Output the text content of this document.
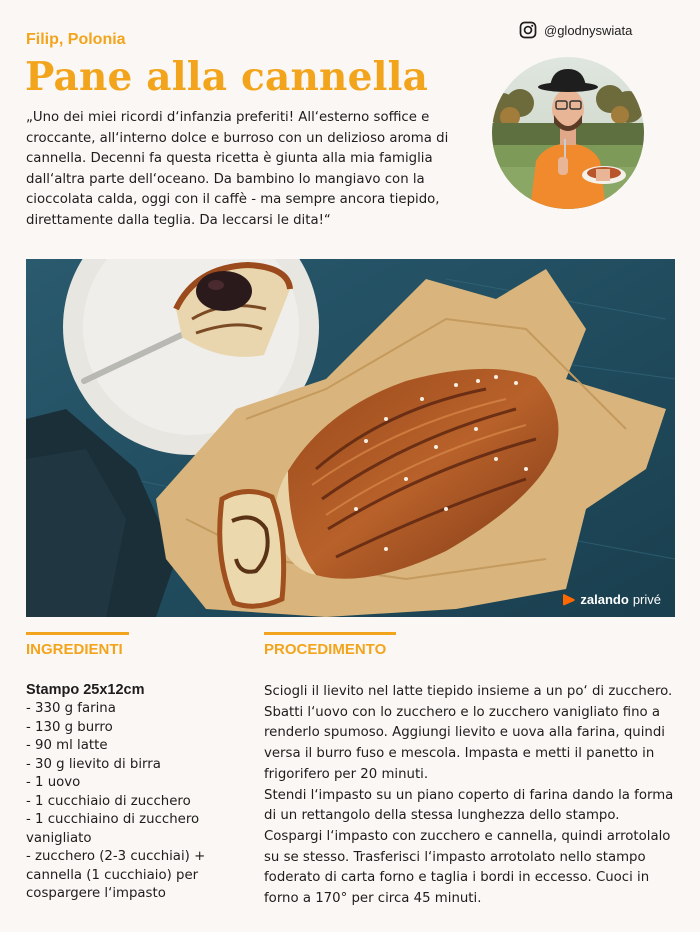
Filip, Polonia
Pane alla cannella

„Uno dei miei ricordi d‘infanzia preferiti! All‘esterno soffice e croccante, all‘interno dolce e burroso con un delizioso aroma di cannella. Decenni fa questa ricetta è giunta alla mia famiglia dall‘altra parte dell‘oceano. Da bambino lo mangiavo con la cioccolata calda, oggi con il caffè - ma sempre ancora tiepido, direttamente dalla teglia. Da leccarsi le dita!“

@glodnyswiata
zalando privé
INGREDIENTI
Stampo 25x12cm
- 330 g farina
- 130 g burro
- 90 ml latte
- 30 g lievito di birra
- 1 uovo
- 1 cucchiaio di zucchero
- 1 cucchiaino di zucchero vanigliato
- zucchero (2-3 cucchiai) + cannella (1 cucchiaio) per cospargere l‘impasto
PROCEDIMENTO

Sciogli il lievito nel latte tiepido insieme a un po‘ di zucchero. Sbatti l‘uovo con lo zucchero e lo zucchero vanigliato fino a renderlo spumoso. Aggiungi lievito e uova alla farina, quindi versa il burro fuso e mescola. Impasta e metti il panetto in frigorifero per 20 minuti.

Stendi l‘impasto su un piano coperto di farina dando la forma di un rettangolo della stessa lunghezza dello stampo. Cospargi l‘impasto con zucchero e cannella, quindi arrotolalo su se stesso. Trasferisci l‘impasto arrotolato nello stampo foderato di carta forno e taglia i bordi in eccesso. Cuoci in forno a 170° per circa 45 minuti.
